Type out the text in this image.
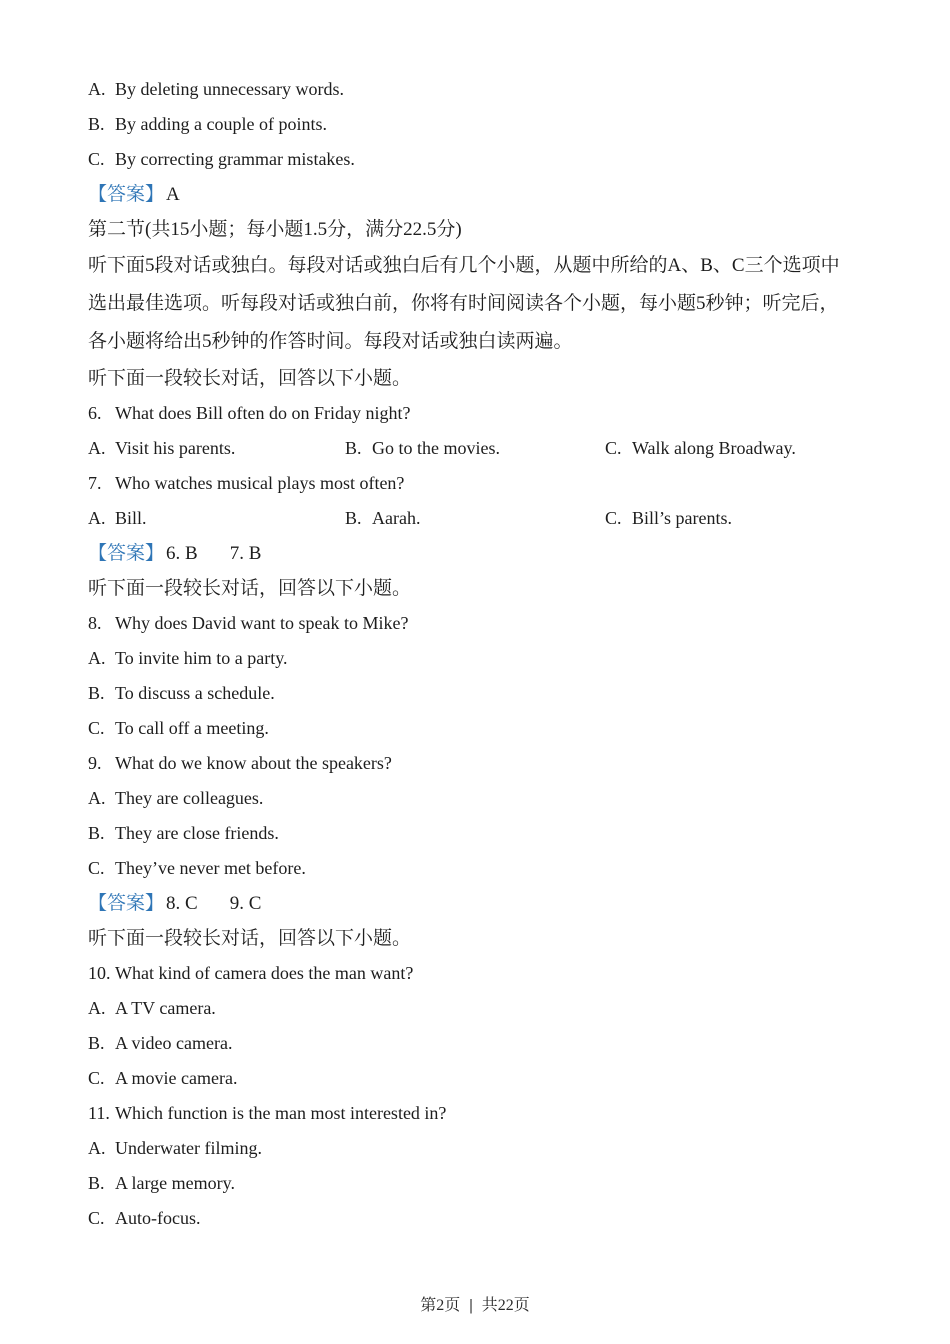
A. By deleting unnecessary words.
B. By adding a couple of points.
C. By correcting grammar mistakes.
【答案】 A
第二节(共15小题；每小题1.5分，满分22.5分)
听下面5段对话或独白。每段对话或独白后有几个小题，从题中所给的A、B、C三个选项中
选出最佳选项。听每段对话或独白前，你将有时间阅读各个小题，每小题5秒钟；听完后，
各小题将给出5秒钟的作答时间。每段对话或独白读两遍。
听下面一段较长对话，回答以下小题。
6. What does Bill often do on Friday night?
A. Visit his parents.	B. Go to the movies.	C. Walk along Broadway.
7. Who watches musical plays most often?
A. Bill.	B. Aarah.	C. Bill’s parents.
【答案】 6. B 7. B
听下面一段较长对话，回答以下小题。
8. Why does David want to speak to Mike?
A. To invite him to a party.
B. To discuss a schedule.
C. To call off a meeting.
9. What do we know about the speakers?
A. They are colleagues.
B. They are close friends.
C. They’ve never met before.
【答案】 8. C 9. C
听下面一段较长对话，回答以下小题。
10. What kind of camera does the man want?
A. A TV camera.
B. A video camera.
C. A movie camera.
11. Which function is the man most interested in?
A. Underwater filming.
B. A large memory.
C. Auto-focus.
第2页 | 共22页
